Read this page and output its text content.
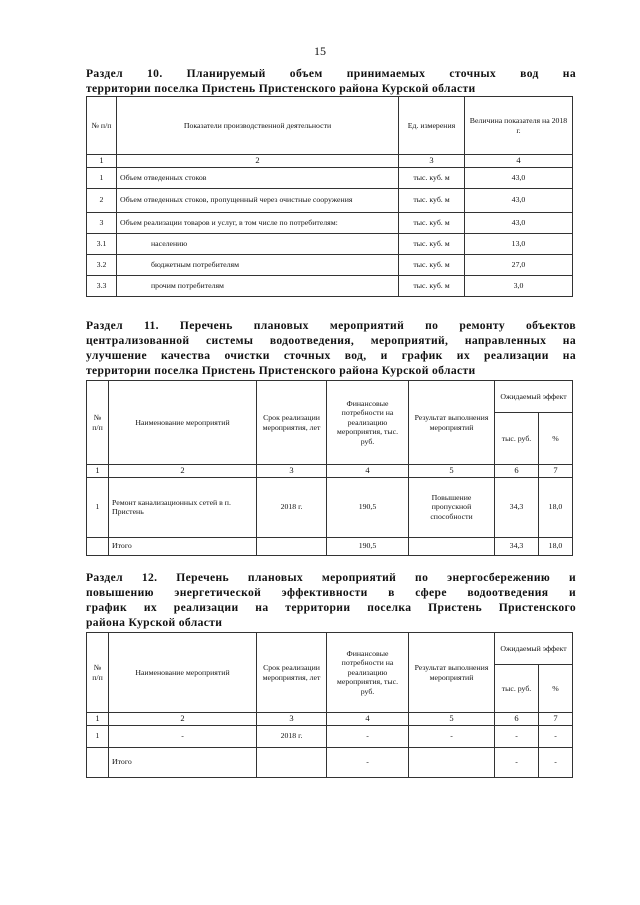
15
Раздел 10. Планируемый объем принимаемых сточных вод на
территории поселка Пристень Пристенского района Курской области
№ п/п	Показатели производственной деятельности	Ед. измерения	Величина показателя на 2018 г.
1	2	3	4
1	Объем отведенных стоков	тыс. куб. м	43,0
2	Объем отведенных стоков, пропущенный через очистные сооружения	тыс. куб. м	43,0
3	Объем реализации товаров и услуг, в том числе по потребителям:	тыс. куб. м	43,0
3.1	населению	тыс. куб. м	13,0
3.2	бюджетным потребителям	тыс. куб. м	27,0
3.3	прочим потребителям	тыс. куб. м	3,0
Раздел 11. Перечень плановых мероприятий по ремонту объектов
централизованной системы водоотведения, мероприятий, направленных на
улучшение качества очистки сточных вод, и график их реализации на
территории поселка Пристень Пристенского района Курской области
№ п/п	Наименование мероприятий	Срок реализации мероприятия, лет	Финансовые потребности на реализацию мероприятия, тыс. руб.	Результат выполнения мероприятий	Ожидаемый эффект	
					тыс. руб.	%
1	2	3	4	5	6	7
1	Ремонт канализационных сетей в п. Пристень	2018 г.	190,5	Повышение пропускной способности	34,3	18,0
	Итого		190,5		34,3	18,0
Раздел 12. Перечень плановых мероприятий по энергосбережению и
повышению энергетической эффективности в сфере водоотведения и
график их реализации на территории поселка Пристень Пристенского
района Курской области
№ п/п	Наименование мероприятий	Срок реализации мероприятия, лет	Финансовые потребности на реализацию мероприятия, тыс. руб.	Результат выполнения мероприятий	Ожидаемый эффект	
					тыс. руб.	%
1	2	3	4	5	6	7
1	-	2018 г.	-	-	-	-
	Итого		-		-	-
